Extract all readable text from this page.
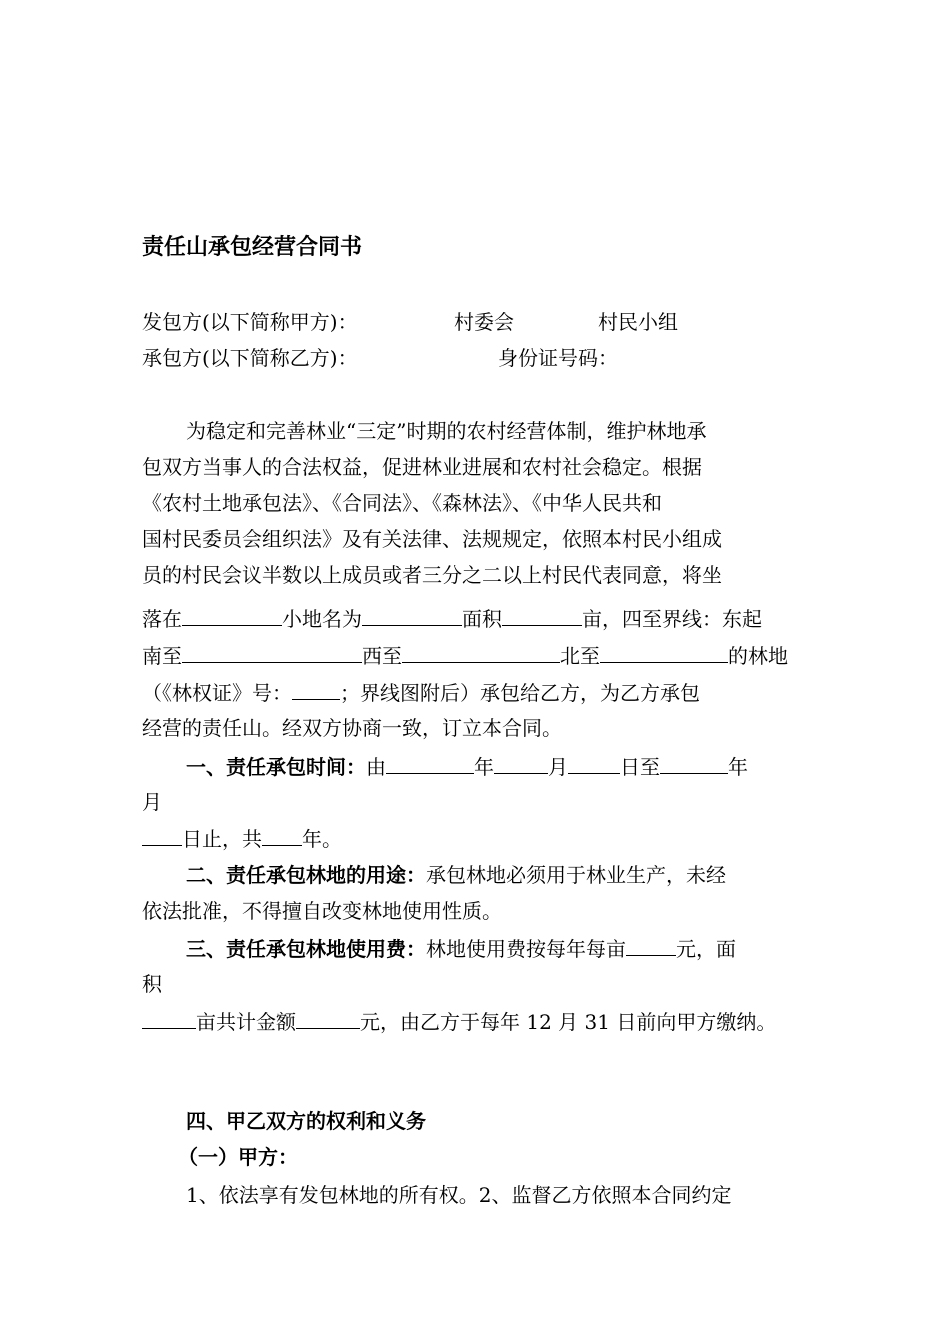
责任山承包经营合同书
发包方(以下简称甲方)：	村委会	村民小组
承包方(以下简称乙方)：	身份证号码：
为稳定和完善林业“三定”时期的农村经营体制，维护林地承
包双方当事人的合法权益，促进林业进展和农村社会稳定。根据
《农村土地承包法》、《合同法》、《森林法》、《中华人民共和
国村民委员会组织法》及有关法律、法规规定，依照本村民小组成
员的村民会议半数以上成员或者三分之二以上村民代表同意，将坐
落在	小地名为	面积	亩，四至界线：东起
南至	西至	北至	的林地
（《林权证》号： ；界线图附后）承包给乙方，为乙方承包
经营的责任山。经双方协商一致，订立本合同。
一、责任承包时间：由	年	月	日至	年
月
日止，共 年。
二、责任承包林地的用途：承包林地必须用于林业生产，未经
依法批准，不得擅自改变林地使用性质。
三、责任承包林地使用费：林地使用费按每年每亩	元，面
积
亩共计金额	元，由乙方于每年 12 月 31 日前向甲方缴纳。
四、甲乙双方的权利和义务
（一）甲方：
1、依法享有发包林地的所有权。2、监督乙方依照本合同约定
